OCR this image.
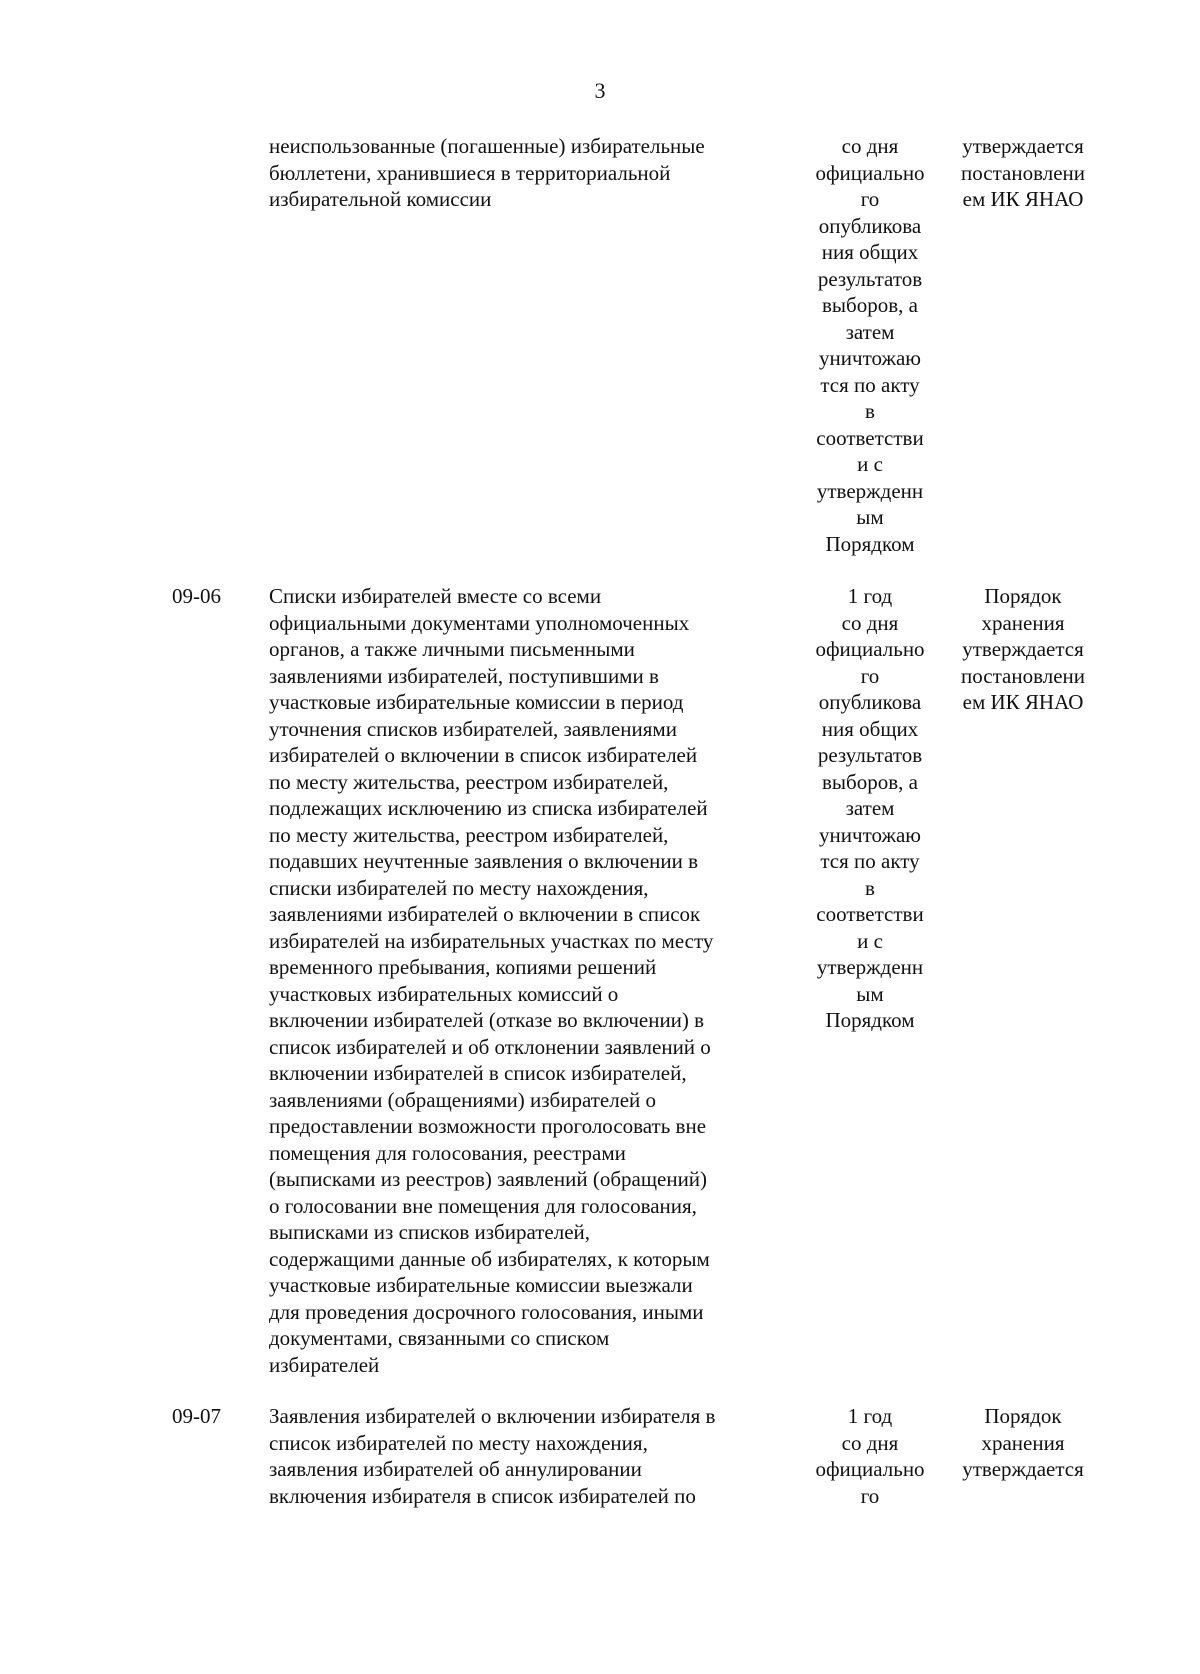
3
неиспользованные (погашенные) избирательные
бюллетени, хранившиеся в территориальной
избирательной комиссии
со дня
официально
го
опубликова
ния общих
результатов
выборов, а
затем
уничтожаю
тся по акту
в
соответстви
и с
утвержденн
ым
Порядком
утверждается
постановлени
ем ИК ЯНАО
09-06 Списки избирателей вместе со всеми
официальными документами уполномоченных
органов, а также личными письменными
заявлениями избирателей, поступившими в
участковые избирательные комиссии в период
уточнения списков избирателей, заявлениями
избирателей о включении в список избирателей
по месту жительства, реестром избирателей,
подлежащих исключению из списка избирателей
по месту жительства, реестром избирателей,
подавших неучтенные заявления о включении в
списки избирателей по месту нахождения,
заявлениями избирателей о включении в список
избирателей на избирательных участках по месту
временного пребывания, копиями решений
участковых избирательных комиссий о
включении избирателей (отказе во включении) в
список избирателей и об отклонении заявлений о
включении избирателей в список избирателей,
заявлениями (обращениями) избирателей о
предоставлении возможности проголосовать вне
помещения для голосования, реестрами
(выписками из реестров) заявлений (обращений)
о голосовании вне помещения для голосования,
выписками из списков избирателей,
содержащими данные об избирателях, к которым
участковые избирательные комиссии выезжали
для проведения досрочного голосования, иными
документами, связанными со списком
избирателей
1 год
со дня
официально
го
опубликова
ния общих
результатов
выборов, а
затем
уничтожаю
тся по акту
в
соответстви
и с
утвержденн
ым
Порядком
Порядок
хранения
утверждается
постановлени
ем ИК ЯНАО
09-07 Заявления избирателей о включении избирателя в
список избирателей по месту нахождения,
заявления избирателей об аннулировании
включения избирателя в список избирателей по
1 год
со дня
официально
го
Порядок
хранения
утверждается
